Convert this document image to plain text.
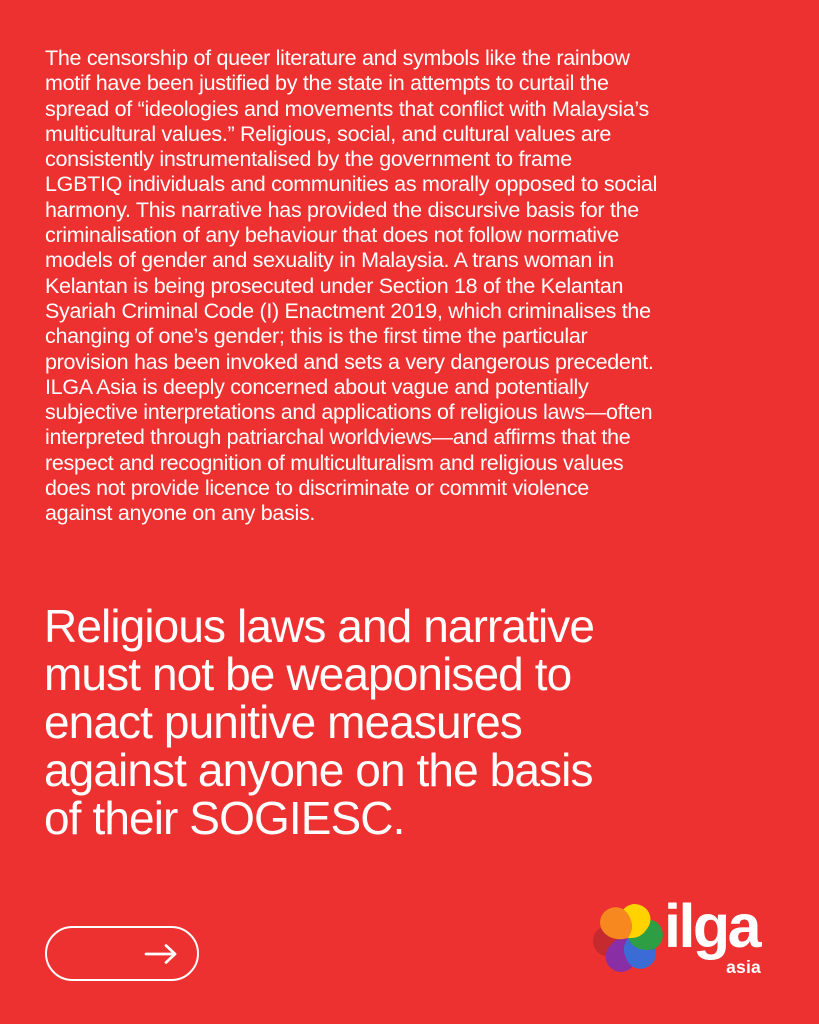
The censorship of queer literature and symbols like the rainbow
motif have been justified by the state in attempts to curtail the
spread of “ideologies and movements that conflict with Malaysia’s
multicultural values.” Religious, social, and cultural values are
consistently instrumentalised by the government to frame
LGBTIQ individuals and communities as morally opposed to social
harmony. This narrative has provided the discursive basis for the
criminalisation of any behaviour that does not follow normative
models of gender and sexuality in Malaysia. A trans woman in
Kelantan is being prosecuted under Section 18 of the Kelantan
Syariah Criminal Code (I) Enactment 2019, which criminalises the
changing of one’s gender; this is the first time the particular
provision has been invoked and sets a very dangerous precedent.
ILGA Asia is deeply concerned about vague and potentially
subjective interpretations and applications of religious laws—often
interpreted through patriarchal worldviews—and affirms that the
respect and recognition of multiculturalism and religious values
does not provide licence to discriminate or commit violence
against anyone on any basis.
Religious laws and narrative
must not be weaponised to
enact punitive measures
against anyone on the basis
of their SOGIESC.
ilga
asia
